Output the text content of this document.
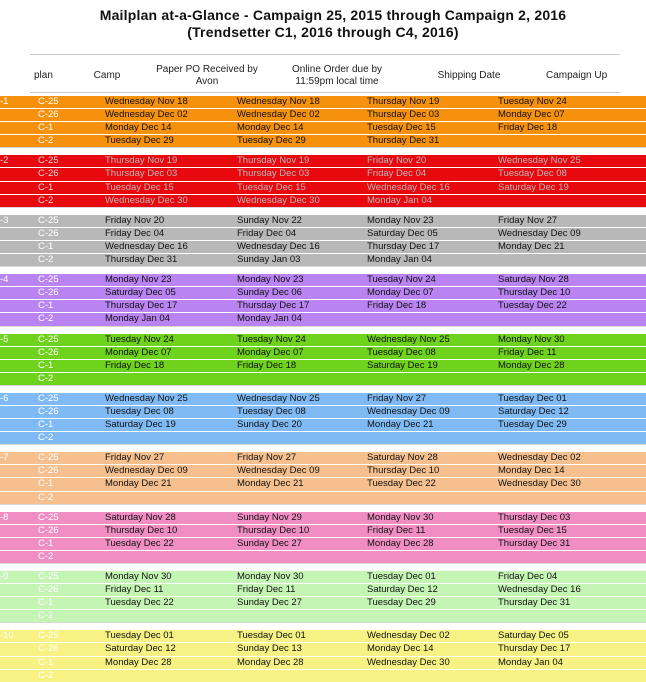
Mailplan at-a-Glance - Campaign 25, 2015 through Campaign 2, 2016
(Trendsetter C1, 2016 through C4, 2016)
plan	Camp
Paper PO Received by Avon
Online Order due by 11:59pm local time
Shipping Date	Campaign Up
-1	C-25	Wednesday Nov 18	Wednesday Nov 18	Thursday Nov 19	Tuesday Nov 24
	C-26	Wednesday Dec 02	Wednesday Dec 02	Thursday Dec 03	Monday Dec 07
	C-1	Monday Dec 14	Monday Dec 14	Tuesday Dec 15	Friday Dec 18
	C-2	Tuesday Dec 29	Tuesday Dec 29	Thursday Dec 31	

-2	C-25	Thursday Nov 19	Thursday Nov 19	Friday Nov 20	Wednesday Nov 25
	C-26	Thursday Dec 03	Thursday Dec 03	Friday Dec 04	Tuesday Dec 08
	C-1	Tuesday Dec 15	Tuesday Dec 15	Wednesday Dec 16	Saturday Dec 19
	C-2	Wednesday Dec 30	Wednesday Dec 30	Monday Jan 04	

-3	C-25	Friday Nov 20	Sunday Nov 22	Monday Nov 23	Friday Nov 27
	C-26	Friday Dec 04	Friday Dec 04	Saturday Dec 05	Wednesday Dec 09
	C-1	Wednesday Dec 16	Wednesday Dec 16	Thursday Dec 17	Monday Dec 21
	C-2	Thursday Dec 31	Sunday Jan 03	Monday Jan 04	

-4	C-25	Monday Nov 23	Monday Nov 23	Tuesday Nov 24	Saturday Nov 28
	C-26	Saturday Dec 05	Sunday Dec 06	Monday Dec 07	Thursday Dec 10
	C-1	Thursday Dec 17	Thursday Dec 17	Friday Dec 18	Tuesday Dec 22
	C-2	Monday Jan 04	Monday Jan 04		

-5	C-25	Tuesday Nov 24	Tuesday Nov 24	Wednesday Nov 25	Monday Nov 30
	C-26	Monday Dec 07	Monday Dec 07	Tuesday Dec 08	Friday Dec 11
	C-1	Friday Dec 18	Friday Dec 18	Saturday Dec 19	Monday Dec 28
	C-2				

-6	C-25	Wednesday Nov 25	Wednesday Nov 25	Friday Nov 27	Tuesday Dec 01
	C-26	Tuesday Dec 08	Tuesday Dec 08	Wednesday Dec 09	Saturday Dec 12
	C-1	Saturday Dec 19	Sunday Dec 20	Monday Dec 21	Tuesday Dec 29
	C-2				

-7	C-25	Friday Nov 27	Friday Nov 27	Saturday Nov 28	Wednesday Dec 02
	C-26	Wednesday Dec 09	Wednesday Dec 09	Thursday Dec 10	Monday Dec 14
	C-1	Monday Dec 21	Monday Dec 21	Tuesday Dec 22	Wednesday Dec 30
	C-2				

-8	C-25	Saturday Nov 28	Sunday Nov 29	Monday Nov 30	Thursday Dec 03
	C-26	Thursday Dec 10	Thursday Dec 10	Friday Dec 11	Tuesday Dec 15
	C-1	Tuesday Dec 22	Sunday Dec 27	Monday Dec 28	Thursday Dec 31
	C-2				

-9	C-25	Monday Nov 30	Monday Nov 30	Tuesday Dec 01	Friday Dec 04
	C-26	Friday Dec 11	Friday Dec 11	Saturday Dec 12	Wednesday Dec 16
	C-1	Tuesday Dec 22	Sunday Dec 27	Tuesday Dec 29	Thursday Dec 31
	C-2				

-10	C-25	Tuesday Dec 01	Tuesday Dec 01	Wednesday Dec 02	Saturday Dec 05
	C-26	Saturday Dec 12	Sunday Dec 13	Monday Dec 14	Thursday Dec 17
	C-1	Monday Dec 28	Monday Dec 28	Wednesday Dec 30	Monday Jan 04
	C-2				
